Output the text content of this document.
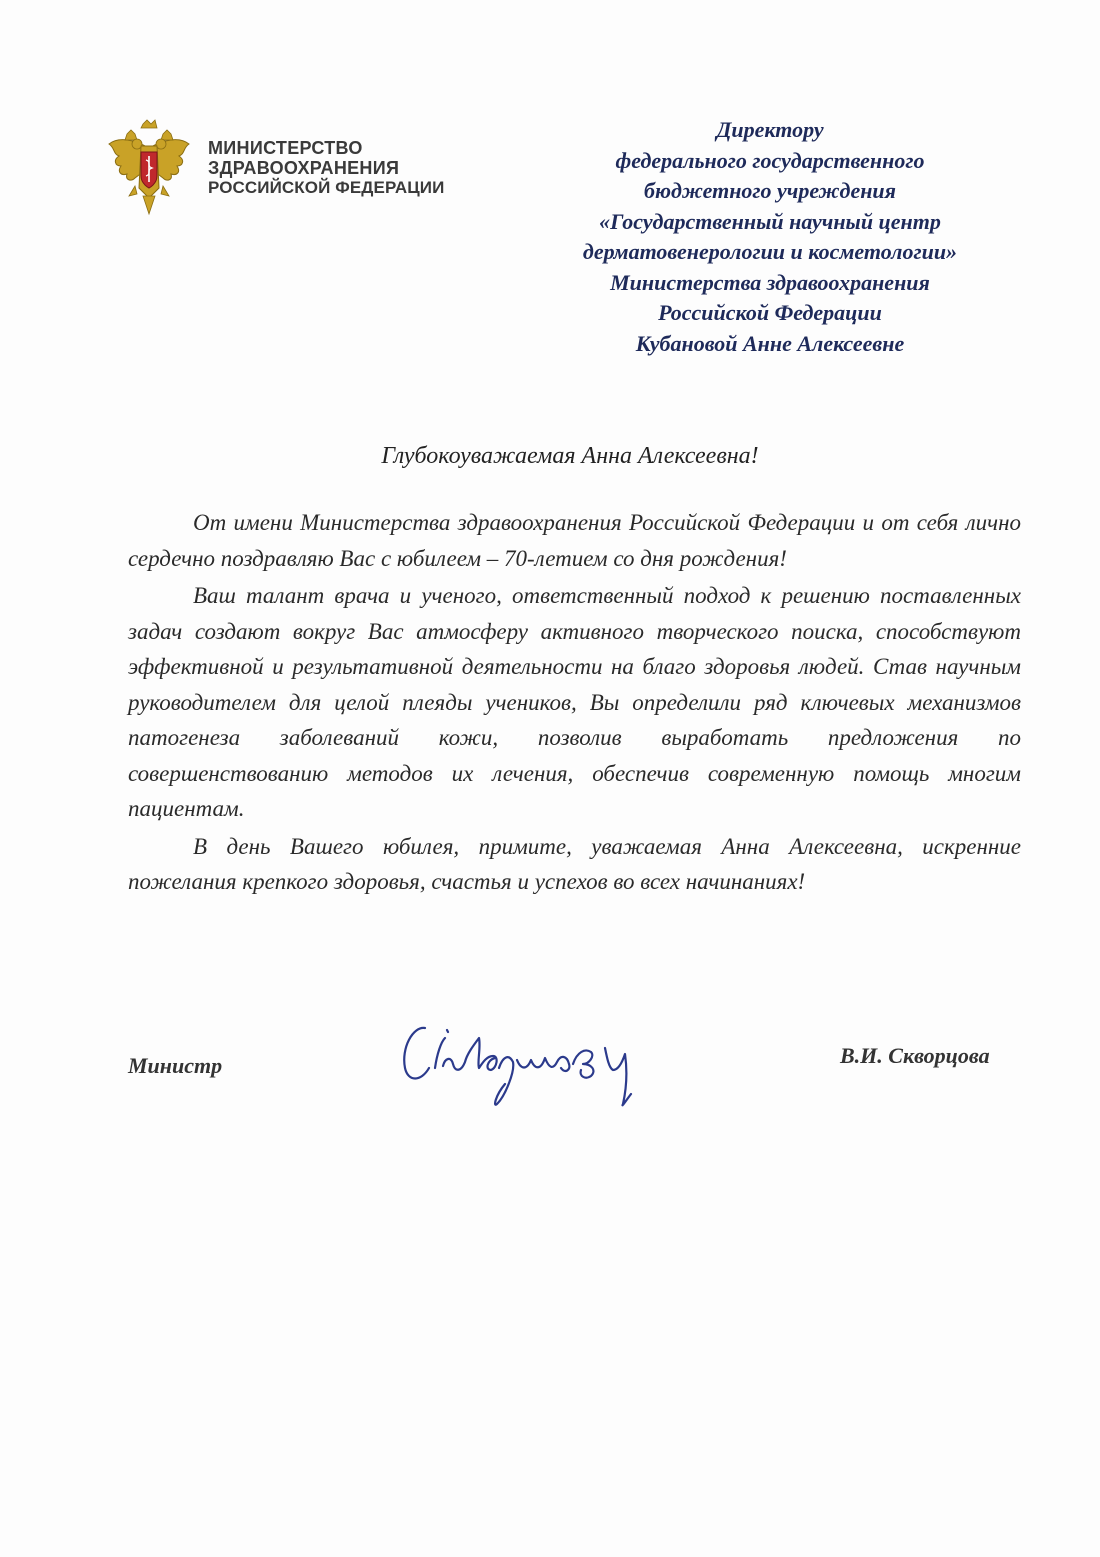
МИНИСТЕРСТВО
ЗДРАВООХРАНЕНИЯ
РОССИЙСКОЙ ФЕДЕРАЦИИ
Директору
федерального государственного
бюджетного учреждения
«Государственный научный центр
дерматовенерологии и косметологии»
Министерства здравоохранения
Российской Федерации
Кубановой Анне Алексеевне
Глубокоуважаемая Анна Алексеевна!

От имени Министерства здравоохранения Российской Федерации и от себя лично сердечно поздравляю Вас с юбилеем – 70-летием со дня рождения!

Ваш талант врача и ученого, ответственный подход к решению поставленных задач создают вокруг Вас атмосферу активного творческого поиска, способствуют эффективной и результативной деятельности на благо здоровья людей. Став научным руководителем для целой плеяды учеников, Вы определили ряд ключевых механизмов патогенеза заболеваний кожи, позволив выработать предложения по совершенствованию методов их лечения, обеспечив современную помощь многим пациентам.

В день Вашего юбилея, примите, уважаемая Анна Алексеевна, искренние пожелания крепкого здоровья, счастья и успехов во всех начинаниях!

Министр	В.И. Скворцова
